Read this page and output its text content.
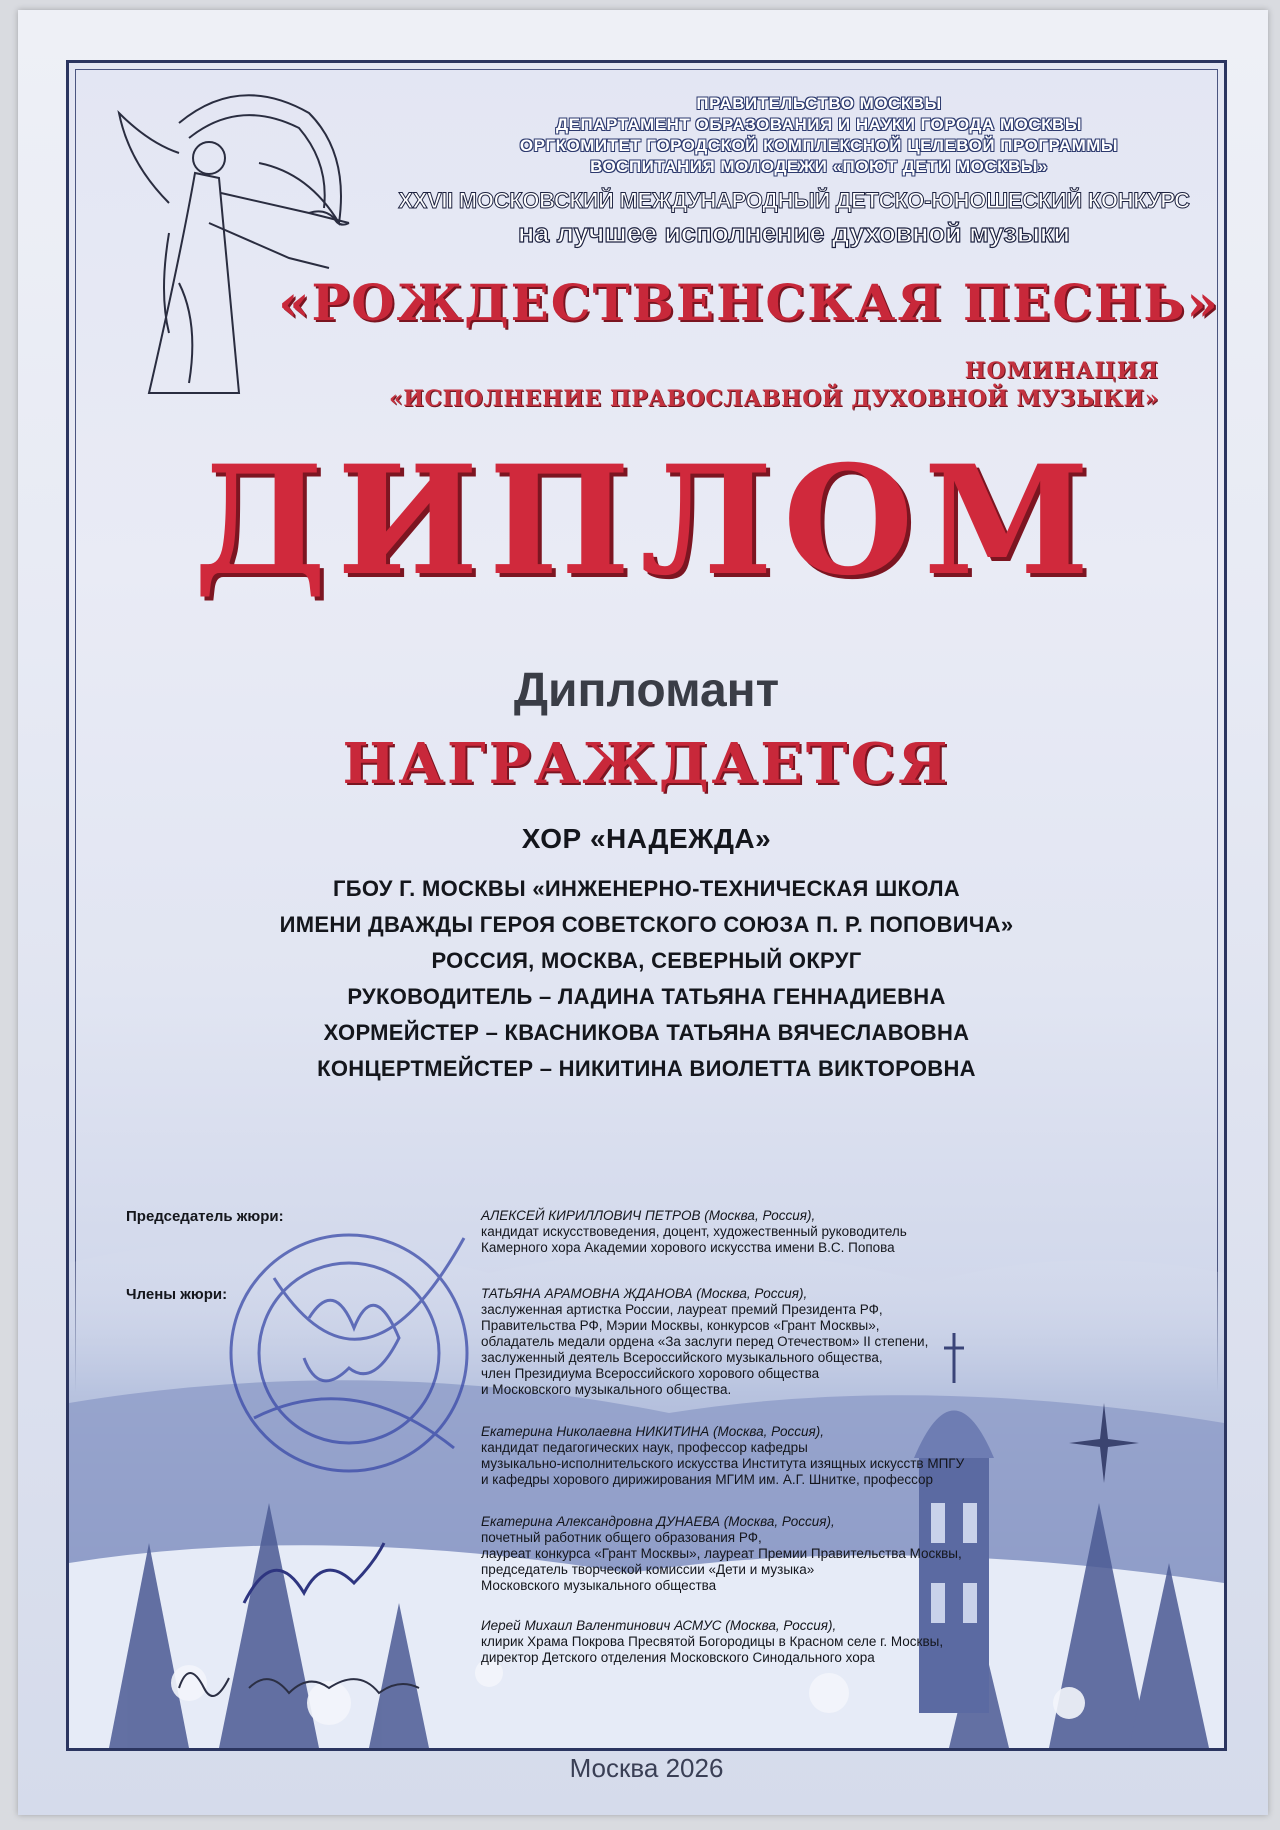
ПРАВИТЕЛЬСТВО МОСКВЫ
ДЕПАРТАМЕНТ ОБРАЗОВАНИЯ И НАУКИ ГОРОДА МОСКВЫ
ОРГКОМИТЕТ ГОРОДСКОЙ КОМПЛЕКСНОЙ ЦЕЛЕВОЙ ПРОГРАММЫ
ВОСПИТАНИЯ МОЛОДЕЖИ «ПОЮТ ДЕТИ МОСКВЫ»
XXVII МОСКОВСКИЙ МЕЖДУНАРОДНЫЙ ДЕТСКО-ЮНОШЕСКИЙ КОНКУРС
на лучшее исполнение духовной музыки
«РОЖДЕСТВЕНСКАЯ ПЕСНЬ»
НОМИНАЦИЯ
«ИСПОЛНЕНИЕ ПРАВОСЛАВНОЙ ДУХОВНОЙ МУЗЫКИ»
ДИПЛОМ
Дипломант
НАГРАЖДАЕТСЯ
ХОР «НАДЕЖДА»
ГБОУ Г. МОСКВЫ «ИНЖЕНЕРНО-ТЕХНИЧЕСКАЯ ШКОЛА
ИМЕНИ ДВАЖДЫ ГЕРОЯ СОВЕТСКОГО СОЮЗА П. Р. ПОПОВИЧА»
РОССИЯ, МОСКВА, СЕВЕРНЫЙ ОКРУГ
РУКОВОДИТЕЛЬ – ЛАДИНА ТАТЬЯНА ГЕННАДИЕВНА
ХОРМЕЙСТЕР – КВАСНИКОВА ТАТЬЯНА ВЯЧЕСЛАВОВНА
КОНЦЕРТМЕЙСТЕР – НИКИТИНА ВИОЛЕТТА ВИКТОРОВНА
Председатель жюри:	АЛЕКСЕЙ КИРИЛЛОВИЧ ПЕТРОВ (Москва, Россия),
кандидат искусствоведения, доцент, художественный руководитель
Камерного хора Академии хорового искусства имени В.С. Попова
Члены жюри:	ТАТЬЯНА АРАМОВНА ЖДАНОВА (Москва, Россия),
заслуженная артистка России, лауреат премий Президента РФ,
Правительства РФ, Мэрии Москвы, конкурсов «Грант Москвы»,
обладатель медали ордена «За заслуги перед Отечеством» II степени,
заслуженный деятель Всероссийского музыкального общества,
член Президиума Всероссийского хорового общества
и Московского музыкального общества.
Екатерина Николаевна НИКИТИНА (Москва, Россия),
кандидат педагогических наук, профессор кафедры
музыкально-исполнительского искусства Института изящных искусств МПГУ
и кафедры хорового дирижирования МГИМ им. А.Г. Шнитке, профессор
Екатерина Александровна ДУНАЕВА (Москва, Россия),
почетный работник общего образования РФ,
лауреат конкурса «Грант Москвы», лауреат Премии Правительства Москвы,
председатель творческой комиссии «Дети и музыка»
Московского музыкального общества
Иерей Михаил Валентинович АСМУС (Москва, Россия),
клирик Храма Покрова Пресвятой Богородицы в Красном селе г. Москвы,
директор Детского отделения Московского Синодального хора
Москва 2026
